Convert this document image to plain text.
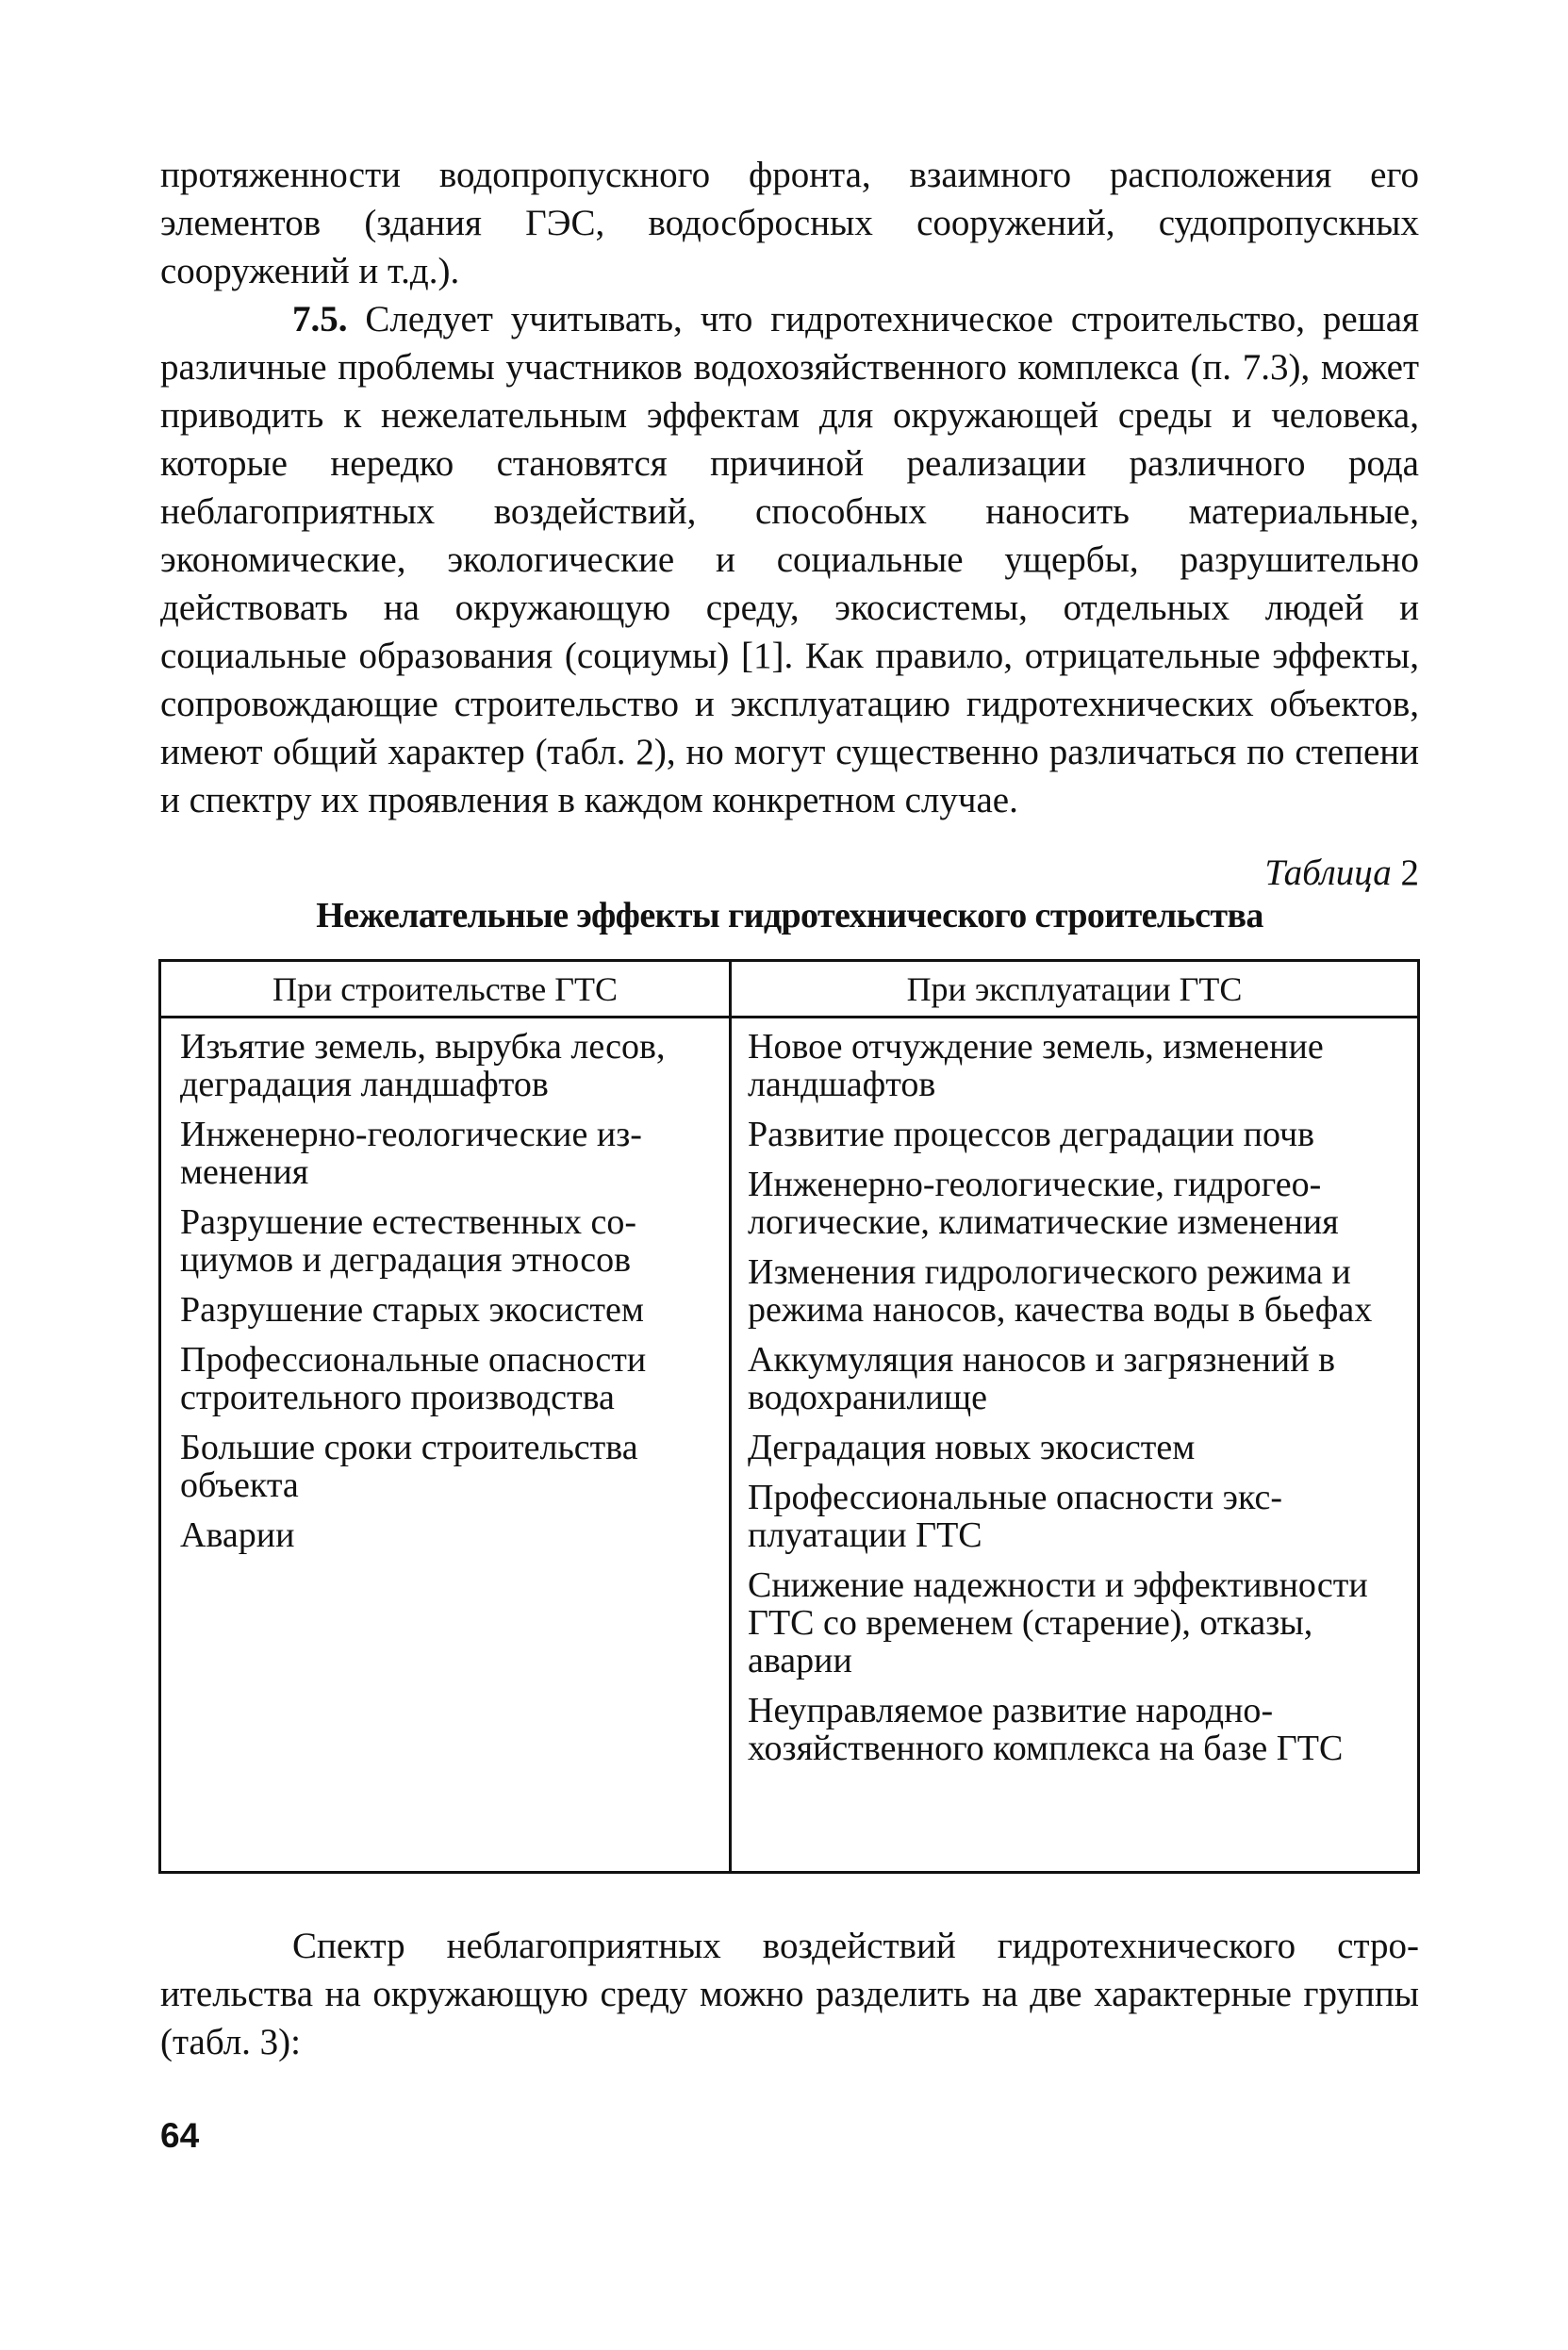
протяженности водопропускного фронта, взаимного расположения его элементов (здания ГЭС, водосбросных сооружений, судопропускных сооружений и т.д.).

7.5. Следует учитывать, что гидротехническое строительство, решая различные проблемы участников водохозяйственного комплекса (п. 7.3), может приводить к нежелательным эффектам для окружающей среды и человека, которые нередко становятся причиной реализации различного рода неблагоприятных воздействий, способных наносить материальные, экономические, экологические и социальные ущербы, разрушительно действовать на окружающую среду, экосистемы, отдельных людей и социальные образования (социумы) [1]. Как правило, отрицательные эффекты, сопровождающие строительство и эксплуатацию гидротехнических объектов, имеют общий характер (табл. 2), но могут существенно различаться по степени и спектру их проявления в каждом конкретном случае.

Таблица 2
Нежелательные эффекты гидротехнического строительства
При строительстве ГТС	При эксплуатации ГТС

Изъятие земель, вырубка лесов, деградация ландшафтов

Инженерно-геологические изменения

Разрушение естественных социумов и деградация этносов

Разрушение старых экосистем

Профессиональные опасности строительного производства

Большие сроки строительства объекта

Аварии

Новое отчуждение земель, изменение ландшафтов

Развитие процессов деградации почв

Инженерно-геологические, гидрогеологические, климатические изменения

Изменения гидрологического режима и режима наносов, качества воды в бьефах

Аккумуляция наносов и загрязнений в водохранилище

Деградация новых экосистем

Профессиональные опасности эксплуатации ГТС

Снижение надежности и эффективности ГТС со временем (старение), отказы, аварии

Неуправляемое развитие народнохозяйственного комплекса на базе ГТС

Спектр неблагоприятных воздействий гидротехнического строительства на окружающую среду можно разделить на две характерные группы (табл. 3):

64
